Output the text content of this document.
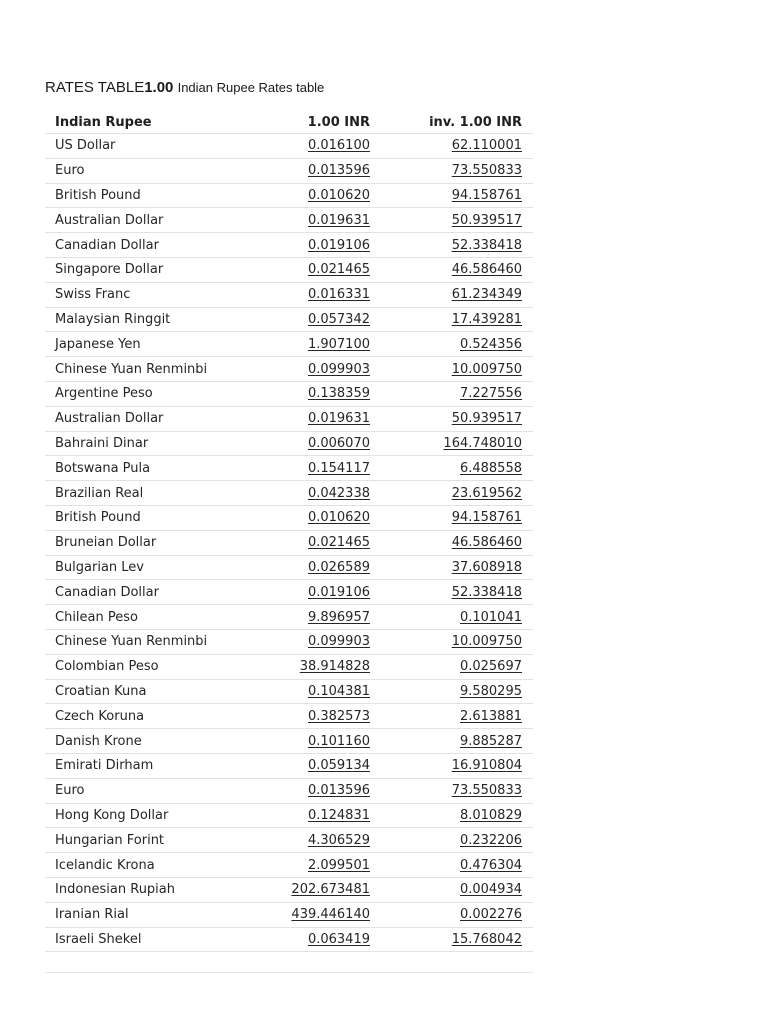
RATES TABLE1.00 Indian Rupee Rates table
Indian Rupee	1.00 INR	inv. 1.00 INR
US Dollar	0.016100	62.110001
Euro	0.013596	73.550833
British Pound	0.010620	94.158761
Australian Dollar	0.019631	50.939517
Canadian Dollar	0.019106	52.338418
Singapore Dollar	0.021465	46.586460
Swiss Franc	0.016331	61.234349
Malaysian Ringgit	0.057342	17.439281
Japanese Yen	1.907100	0.524356
Chinese Yuan Renminbi	0.099903	10.009750
Argentine Peso	0.138359	7.227556
Australian Dollar	0.019631	50.939517
Bahraini Dinar	0.006070	164.748010
Botswana Pula	0.154117	6.488558
Brazilian Real	0.042338	23.619562
British Pound	0.010620	94.158761
Bruneian Dollar	0.021465	46.586460
Bulgarian Lev	0.026589	37.608918
Canadian Dollar	0.019106	52.338418
Chilean Peso	9.896957	0.101041
Chinese Yuan Renminbi	0.099903	10.009750
Colombian Peso	38.914828	0.025697
Croatian Kuna	0.104381	9.580295
Czech Koruna	0.382573	2.613881
Danish Krone	0.101160	9.885287
Emirati Dirham	0.059134	16.910804
Euro	0.013596	73.550833
Hong Kong Dollar	0.124831	8.010829
Hungarian Forint	4.306529	0.232206
Icelandic Krona	2.099501	0.476304
Indonesian Rupiah	202.673481	0.004934
Iranian Rial	439.446140	0.002276
Israeli Shekel	0.063419	15.768042
